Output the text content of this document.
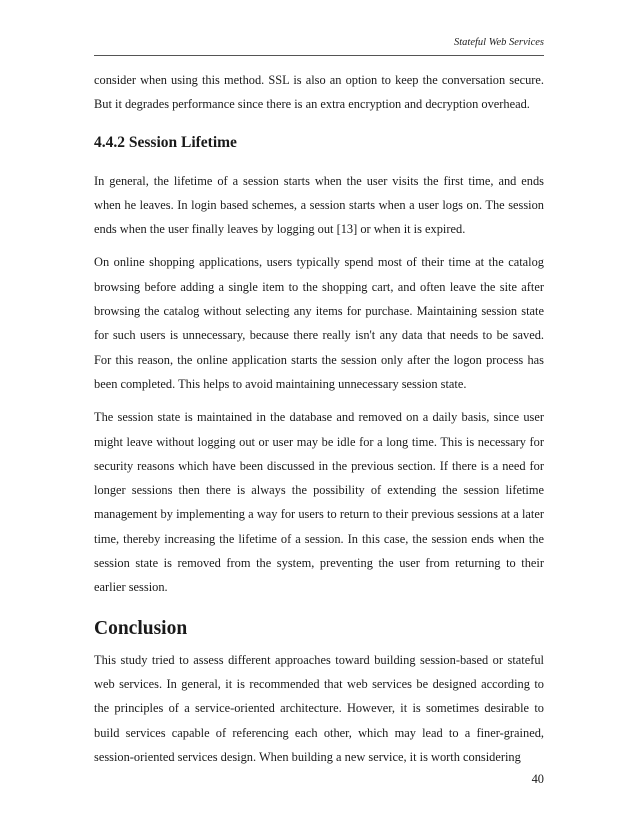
Stateful Web Services

consider when using this method. SSL is also an option to keep the conversation secure. But it degrades performance since there is an extra encryption and decryption overhead.

4.4.2 Session Lifetime

In general, the lifetime of a session starts when the user visits the first time, and ends when he leaves. In login based schemes, a session starts when a user logs on. The session ends when the user finally leaves by logging out [13] or when it is expired.

On online shopping applications, users typically spend most of their time at the catalog browsing before adding a single item to the shopping cart, and often leave the site after browsing the catalog without selecting any items for purchase. Maintaining session state for such users is unnecessary, because there really isn't any data that needs to be saved. For this reason, the online application starts the session only after the logon process has been completed. This helps to avoid maintaining unnecessary session state.

The session state is maintained in the database and removed on a daily basis, since user might leave without logging out or user may be idle for a long time. This is necessary for security reasons which have been discussed in the previous section. If there is a need for longer sessions then there is always the possibility of extending the session lifetime management by implementing a way for users to return to their previous sessions at a later time, thereby increasing the lifetime of a session. In this case, the session ends when the session state is removed from the system, preventing the user from returning to their earlier session.

Conclusion

This study tried to assess different approaches toward building session-based or stateful web services. In general, it is recommended that web services be designed according to the principles of a service-oriented architecture. However, it is sometimes desirable to build services capable of referencing each other, which may lead to a finer-grained, session-oriented services design. When building a new service, it is worth considering

40
